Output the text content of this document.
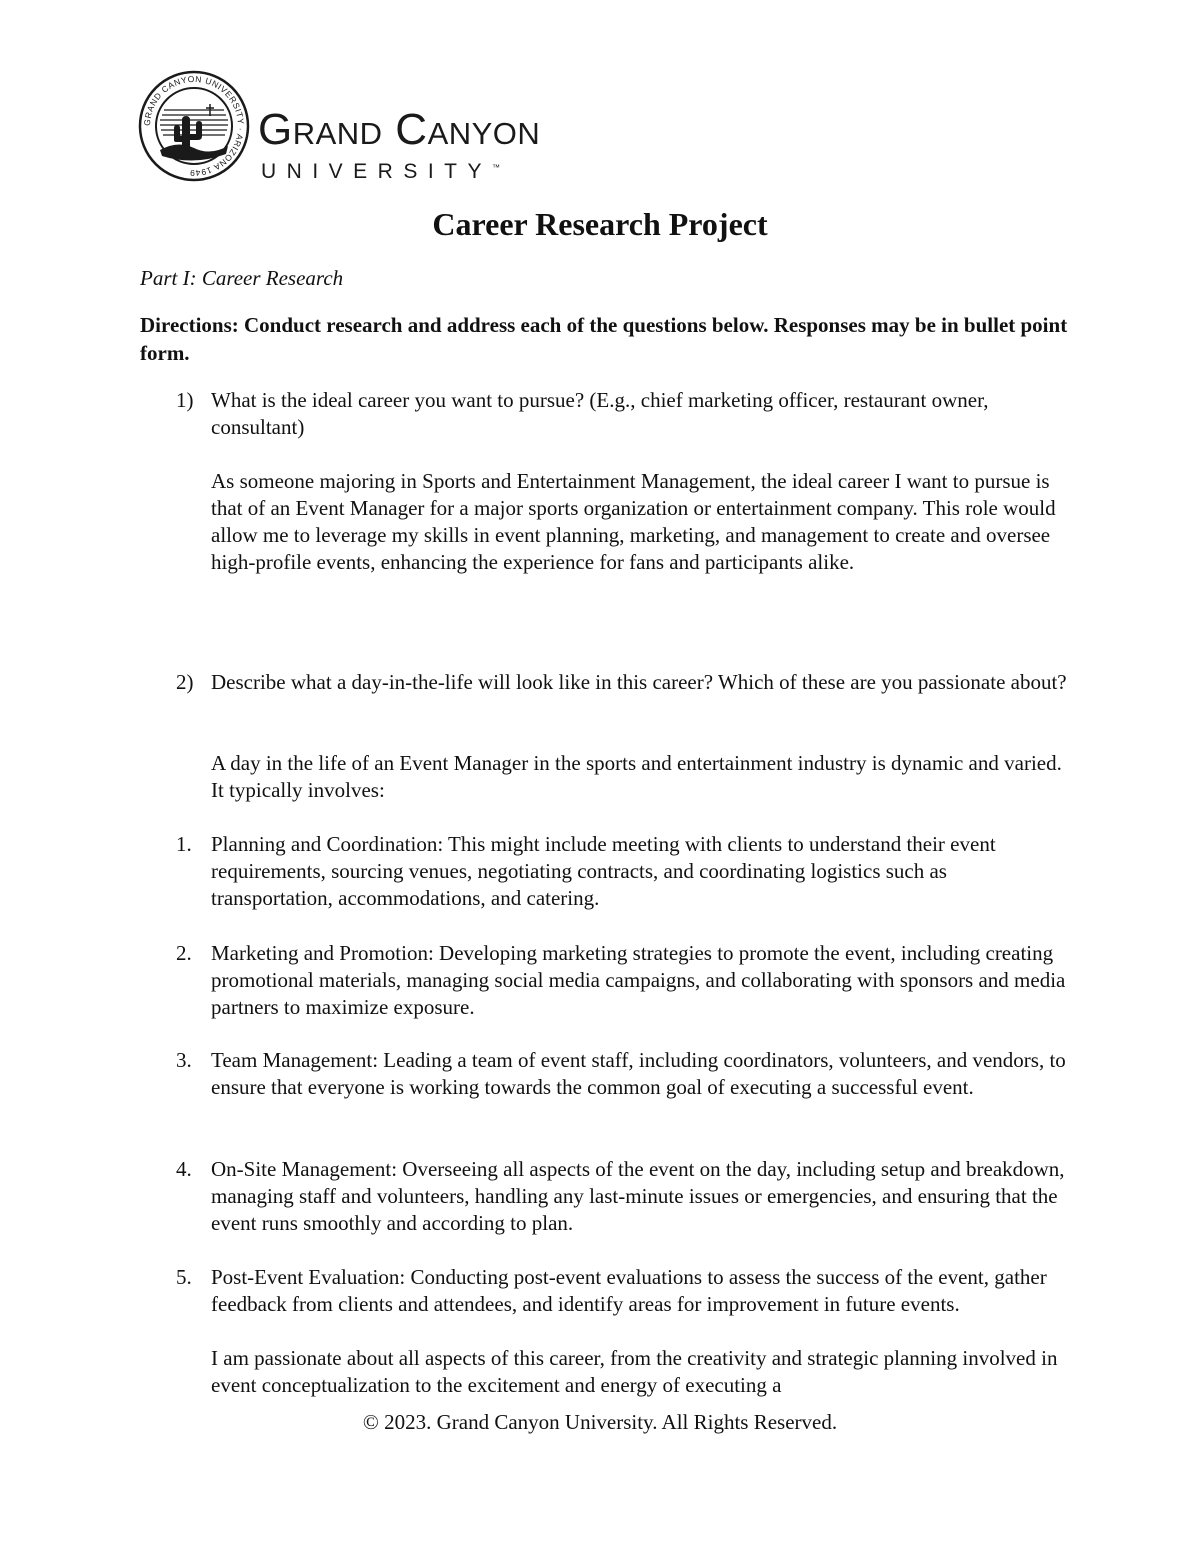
GRAND CANYON UNIVERSITY · ARIZONA 1949
Grand Canyon
UNIVERSITY™
Career Research Project
Part I: Career Research
Directions: Conduct research and address each of the questions below. Responses may be in bullet point form.
1) What is the ideal career you want to pursue? (E.g., chief marketing officer, restaurant owner, consultant)
As someone majoring in Sports and Entertainment Management, the ideal career I want to pursue is that of an Event Manager for a major sports organization or entertainment company. This role would allow me to leverage my skills in event planning, marketing, and management to create and oversee high-profile events, enhancing the experience for fans and participants alike.
2) Describe what a day-in-the-life will look like in this career? Which of these are you passionate about?
A day in the life of an Event Manager in the sports and entertainment industry is dynamic and varied. It typically involves:
1. Planning and Coordination: This might include meeting with clients to understand their event requirements, sourcing venues, negotiating contracts, and coordinating logistics such as transportation, accommodations, and catering.
2. Marketing and Promotion: Developing marketing strategies to promote the event, including creating promotional materials, managing social media campaigns, and collaborating with sponsors and media partners to maximize exposure.
3. Team Management: Leading a team of event staff, including coordinators, volunteers, and vendors, to ensure that everyone is working towards the common goal of executing a successful event.
4. On-Site Management: Overseeing all aspects of the event on the day, including setup and breakdown, managing staff and volunteers, handling any last-minute issues or emergencies, and ensuring that the event runs smoothly and according to plan.
5. Post-Event Evaluation: Conducting post-event evaluations to assess the success of the event, gather feedback from clients and attendees, and identify areas for improvement in future events.
I am passionate about all aspects of this career, from the creativity and strategic planning involved in event conceptualization to the excitement and energy of executing a
© 2023. Grand Canyon University. All Rights Reserved.
